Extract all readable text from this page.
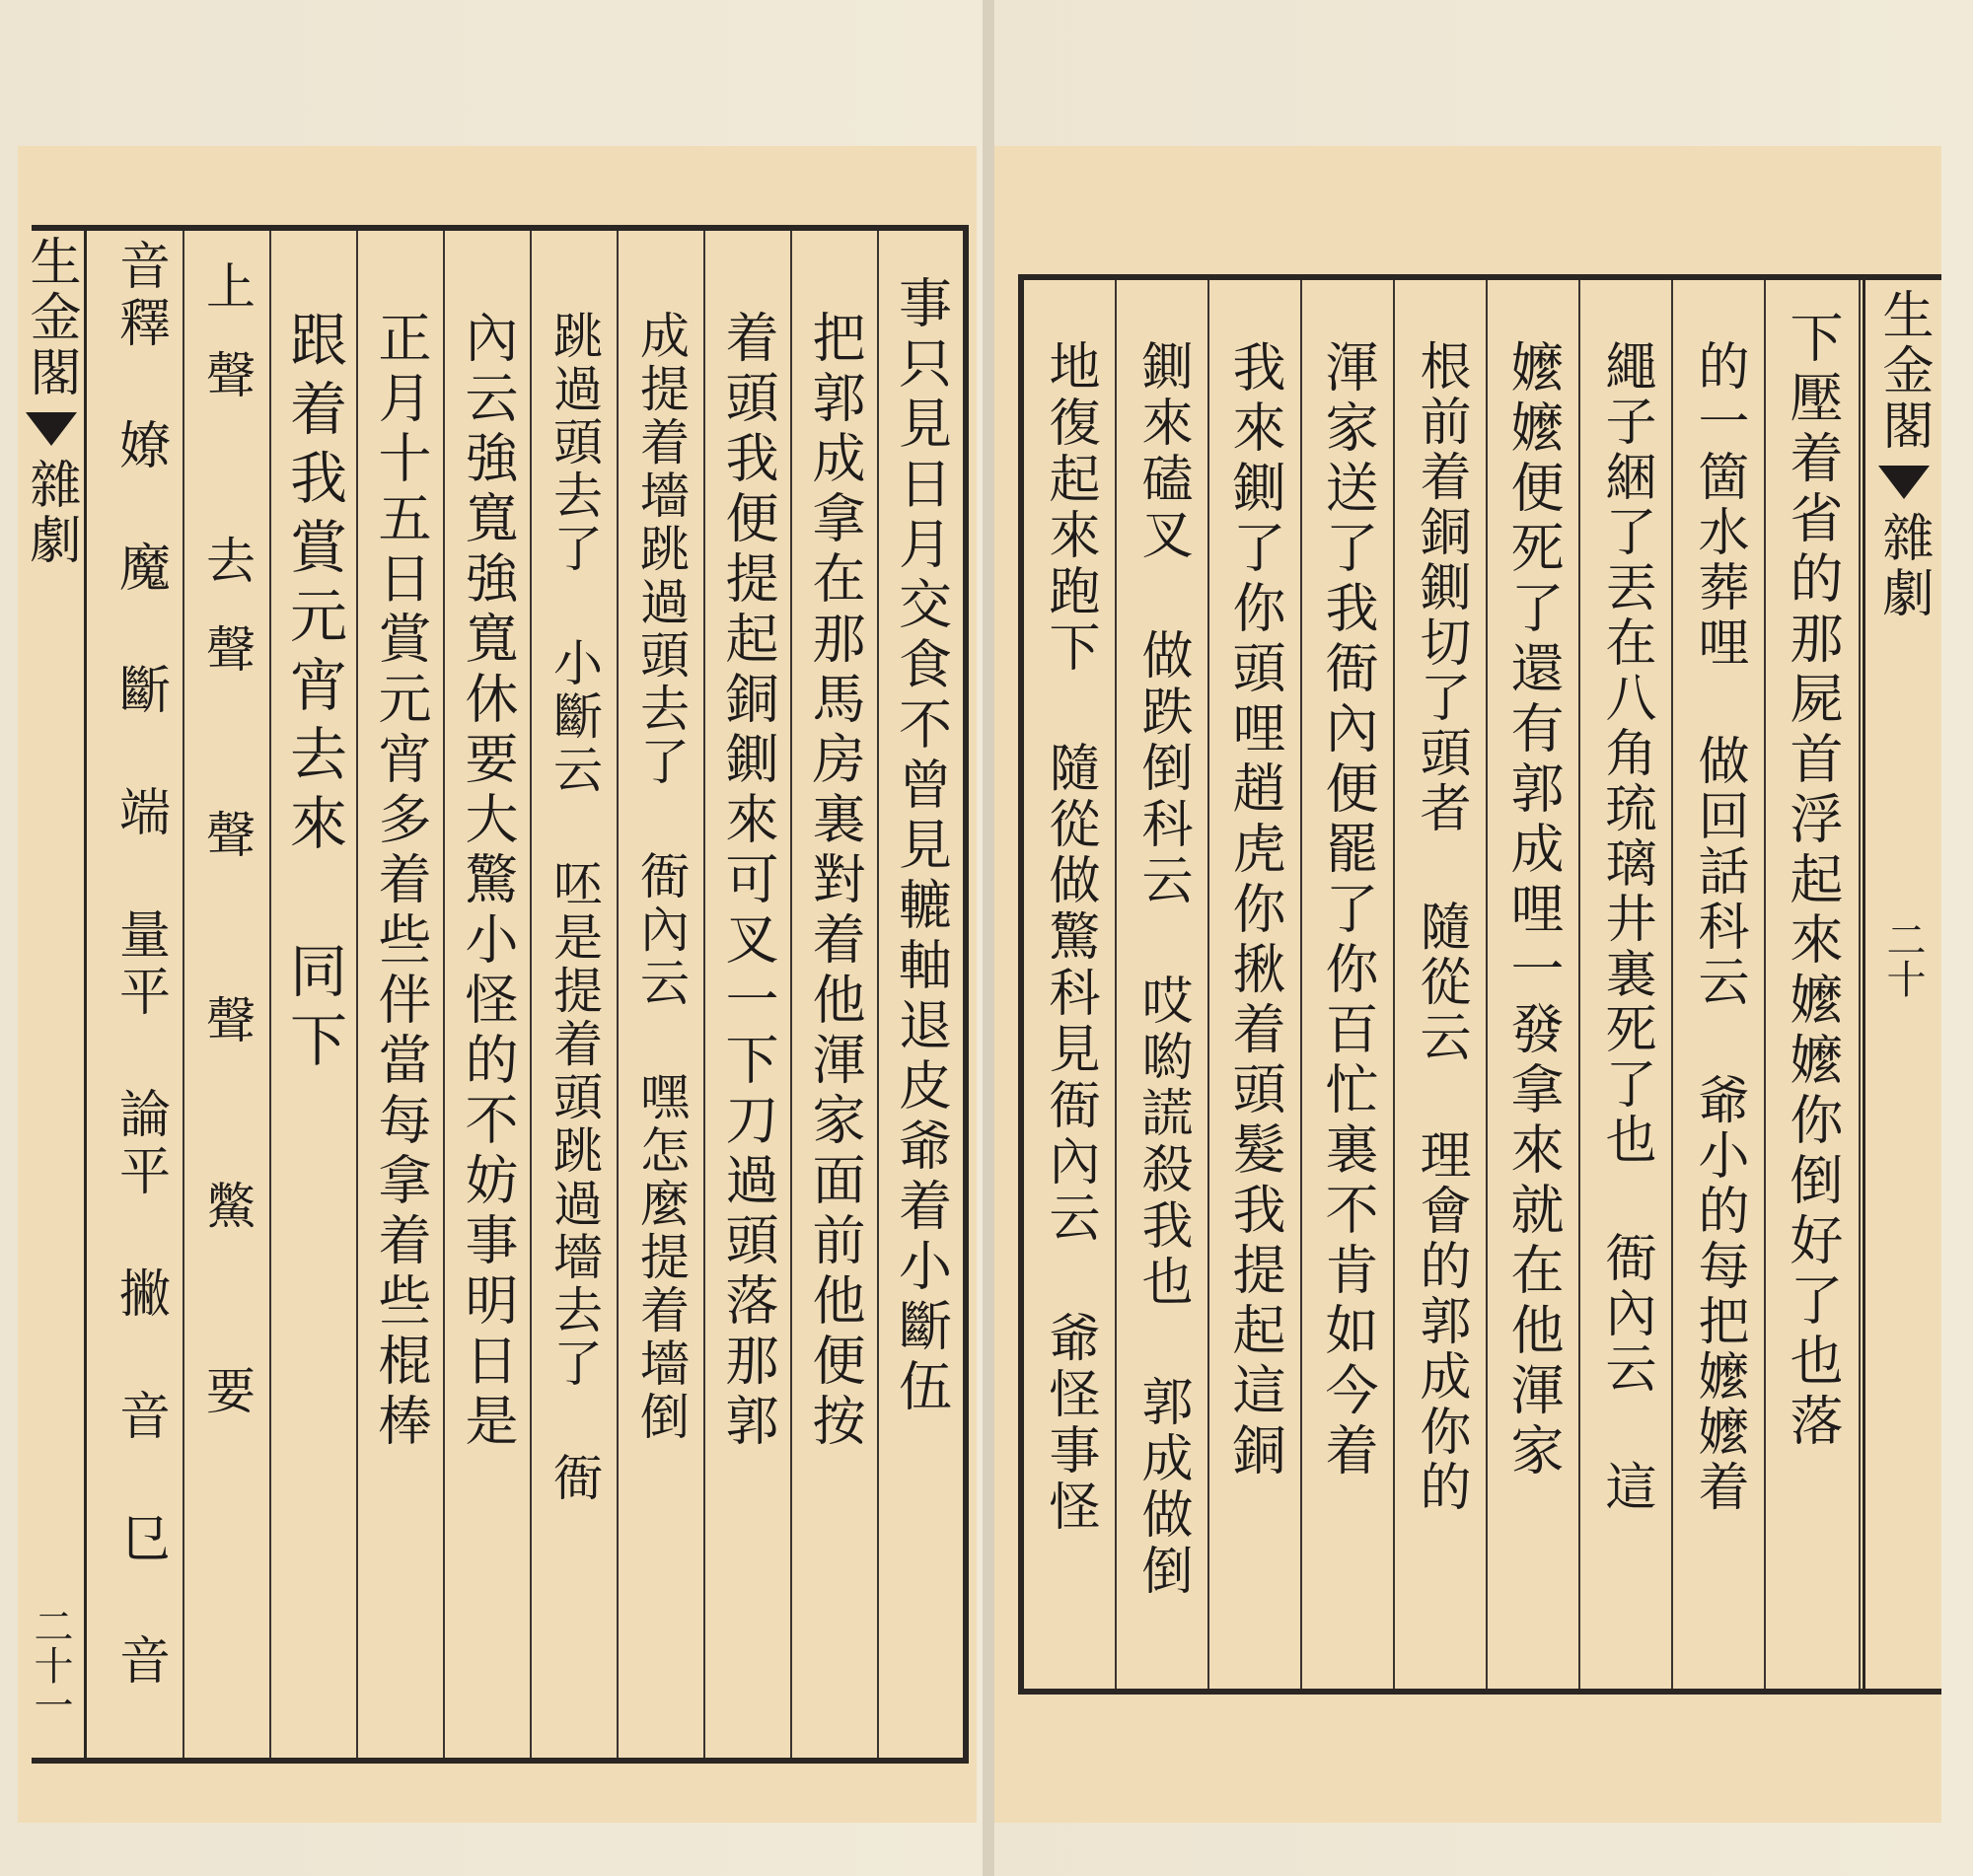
生金閣
雜劇
二十一 音釋 嫽 魔 斷 端 量平 論平 撇 音 㔾 音 上聲 去聲 聲 聲 鱉 要 跟着我賞元宵去來 同下 正月十五日賞元宵多着些伴當每拿着些棍棒 內云強寬強寬休要大驚小怪的不妨事明日是 跳過頭去了 小斷云 呸是提着頭跳過墻去了 衙 成提着墻跳過頭去了 衙內云 嘿怎麼提着墻倒 着頭我便提起銅鍘來可叉一下刀過頭落那郭 把郭成拿在那馬房裏對着他渾家面前他便按 事只見日月交食不曾見轆軸退皮爺着小斷伍 地復起來跑下 隨從做驚科見衙內云 爺怪事怪 鍘來磕叉 做跌倒科云 哎喲謊殺我也 郭成做倒 我來鍘了你頭哩趙虎你揪着頭髮我提起這銅 渾家送了我衙內便罷了你百忙裏不肯如今着 根前着銅鍘切了頭者 隨從云 理會的郭成你的 嬤嬤便死了還有郭成哩一發拿來就在他渾家 繩子綑了丟在八角琉璃井裏死了也 衙內云 這 的一箇水葬哩 做回話科云 爺小的每把嬤嬤着 下壓着省的那屍首浮起來嬤嬤你倒好了也落 生金閣
雜劇
二十
